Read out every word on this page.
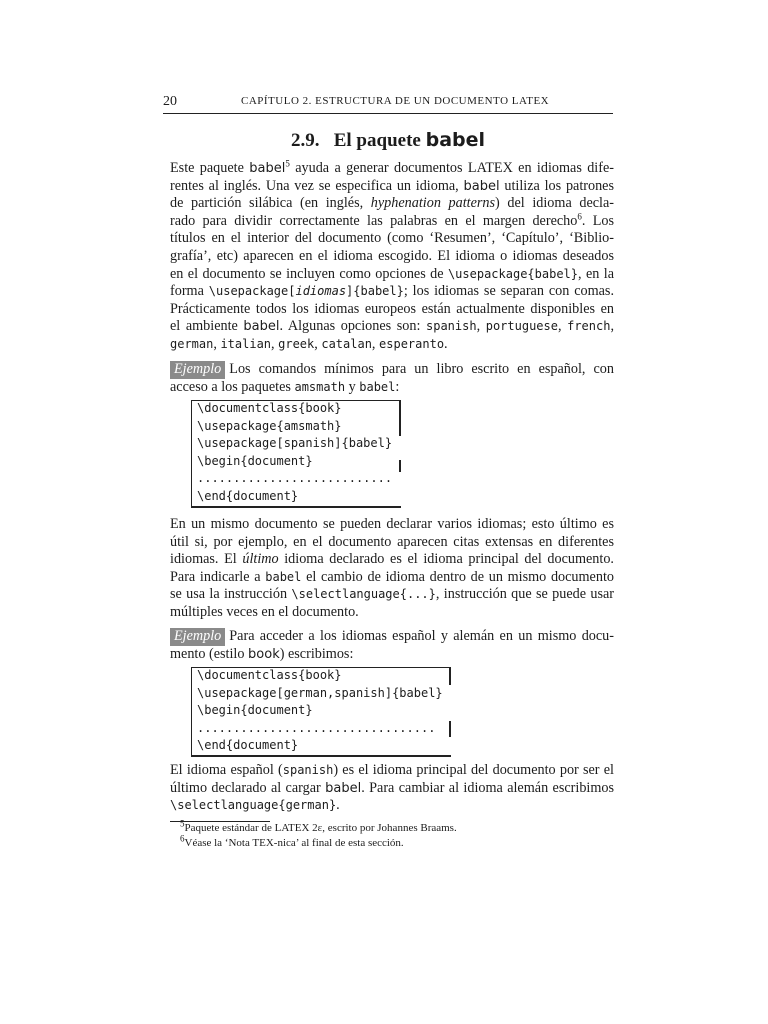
20	CAPÍTULO 2. ESTRUCTURA DE UN DOCUMENTO LATEX
2.9. El paquete babel
Este paquete babel$^5$ ayuda a generar documentos LATEX en idiomas dife-
rentes al inglés. Una vez se especifica un idioma, babel utiliza los patrones
de partición silábica (en inglés, hyphenation patterns) del idioma decla-
rado para dividir correctamente las palabras en el margen derecho$^6$. Los
títulos en el interior del documento (como ‘Resumen’, ‘Capítulo’, ‘Biblio-
grafía’, etc) aparecen en el idioma escogido. El idioma o idiomas deseados
en el documento se incluyen como opciones de \usepackage{babel}, en la
forma \usepackage[idiomas]{babel}; los idiomas se separan con comas.
Prácticamente todos los idiomas europeos están actualmente disponibles en
el ambiente babel. Algunas opciones son: spanish, portuguese, french,
german, italian, greek, catalan, esperanto.
Ejemplo Los comandos mínimos para un libro escrito en español, con
acceso a los paquetes amsmath y babel:
\documentclass{book}
\usepackage{amsmath}
\usepackage[spanish]{babel}
\begin{document}
...........................
\end{document}
En un mismo documento se pueden declarar varios idiomas; esto último es
útil si, por ejemplo, en el documento aparecen citas extensas en diferentes
idiomas. El último idioma declarado es el idioma principal del documento.
Para indicarle a babel el cambio de idioma dentro de un mismo documento
se usa la instrucción \selectlanguage{...}, instrucción que se puede usar
múltiples veces en el documento.
Ejemplo Para acceder a los idiomas español y alemán en un mismo docu-
mento (estilo book) escribimos:
\documentclass{book}
\usepackage[german,spanish]{babel}
\begin{document}
.................................
\end{document}
El idioma español (spanish) es el idioma principal del documento por ser el
último declarado al cargar babel. Para cambiar al idioma alemán escribimos
\selectlanguage{german}.
$^5$Paquete estándar de LATEX 2ε, escrito por Johannes Braams.
$^6$Véase la ‘Nota TEX-nica’ al final de esta sección.
